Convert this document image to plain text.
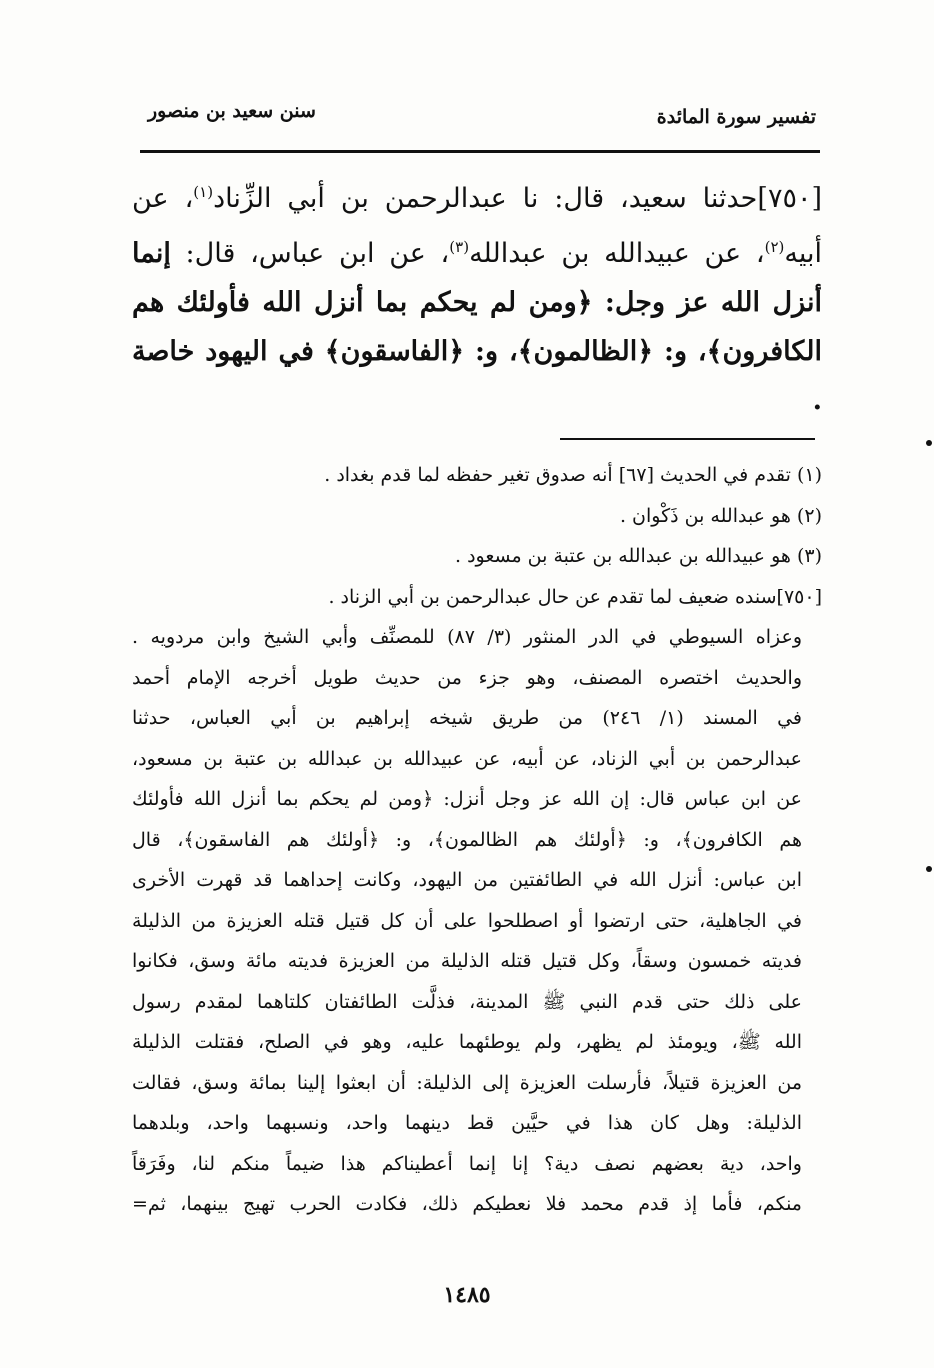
تفسير سورة المائدة
سنن سعيد بن منصور
[٧٥٠]حدثنا سعيد، قال: نا عبدالرحمن بن أبي الزِّناد$^{(١)}$، عن أبيه$^{(٢)}$، عن عبيدالله بن عبدالله$^{(٣)}$، عن ابن عباس، قال: إنما أنزل الله عز وجل: ﴿ومن لم يحكم بما أنزل الله فأولئك هم الكافرون﴾، و: ﴿الظالمون﴾، و: ﴿الفاسقون﴾ في اليهود خاصة .
(١) تقدم في الحديث [٦٧] أنه صدوق تغير حفظه لما قدم بغداد .
(٢) هو عبدالله بن ذَكْوان .
(٣) هو عبيدالله بن عبدالله بن عتبة بن مسعود .
[٧٥٠]سنده ضعيف لما تقدم عن حال عبدالرحمن بن أبي الزناد .
وعزاه السيوطي في الدر المنثور (٣/ ٨٧) للمصنِّف وأبي الشيخ وابن مردويه .
والحديث اختصره المصنف، وهو جزء من حديث طويل أخرجه الإمام أحمد
في المسند (١/ ٢٤٦) من طريق شيخه إبراهيم بن أبي العباس، حدثنا
عبدالرحمن بن أبي الزناد، عن أبيه، عن عبيدالله بن عبدالله بن عتبة بن مسعود،
عن ابن عباس قال: إن الله عز وجل أنزل: ﴿ومن لم يحكم بما أنزل الله فأولئك
هم الكافرون﴾، و: ﴿أولئك هم الظالمون﴾، و: ﴿أولئك هم الفاسقون﴾، قال
ابن عباس: أنزل الله في الطائفتين من اليهود، وكانت إحداهما قد قهرت الأخرى
في الجاهلية، حتى ارتضوا أو اصطلحوا على أن كل قتيل قتله العزيزة من الذليلة
فديته خمسون وسقاً، وكل قتيل قتله الذليلة من العزيزة فديته مائة وسق، فكانوا
على ذلك حتى قدم النبي ﷺ المدينة، فذلَّت الطائفتان كلتاهما لمقدم رسول
الله ﷺ، ويومئذ لم يظهر، ولم يوطئهما عليه، وهو في الصلح، فقتلت الذليلة
من العزيزة قتيلاً، فأرسلت العزيزة إلى الذليلة: أن ابعثوا إلينا بمائة وسق، فقالت
الذليلة: وهل كان هذا في حيَّين قط دينهما واحد، ونسبهما واحد، وبلدهما
واحد، دية بعضهم نصف دية؟ إنا إنما أعطيناكم هذا ضيماً منكم لنا، وفَرَقاً
منكم، فأما إذ قدم محمد فلا نعطيكم ذلك، فكادت الحرب تهيج بينهما، ثم=
١٤٨٥
